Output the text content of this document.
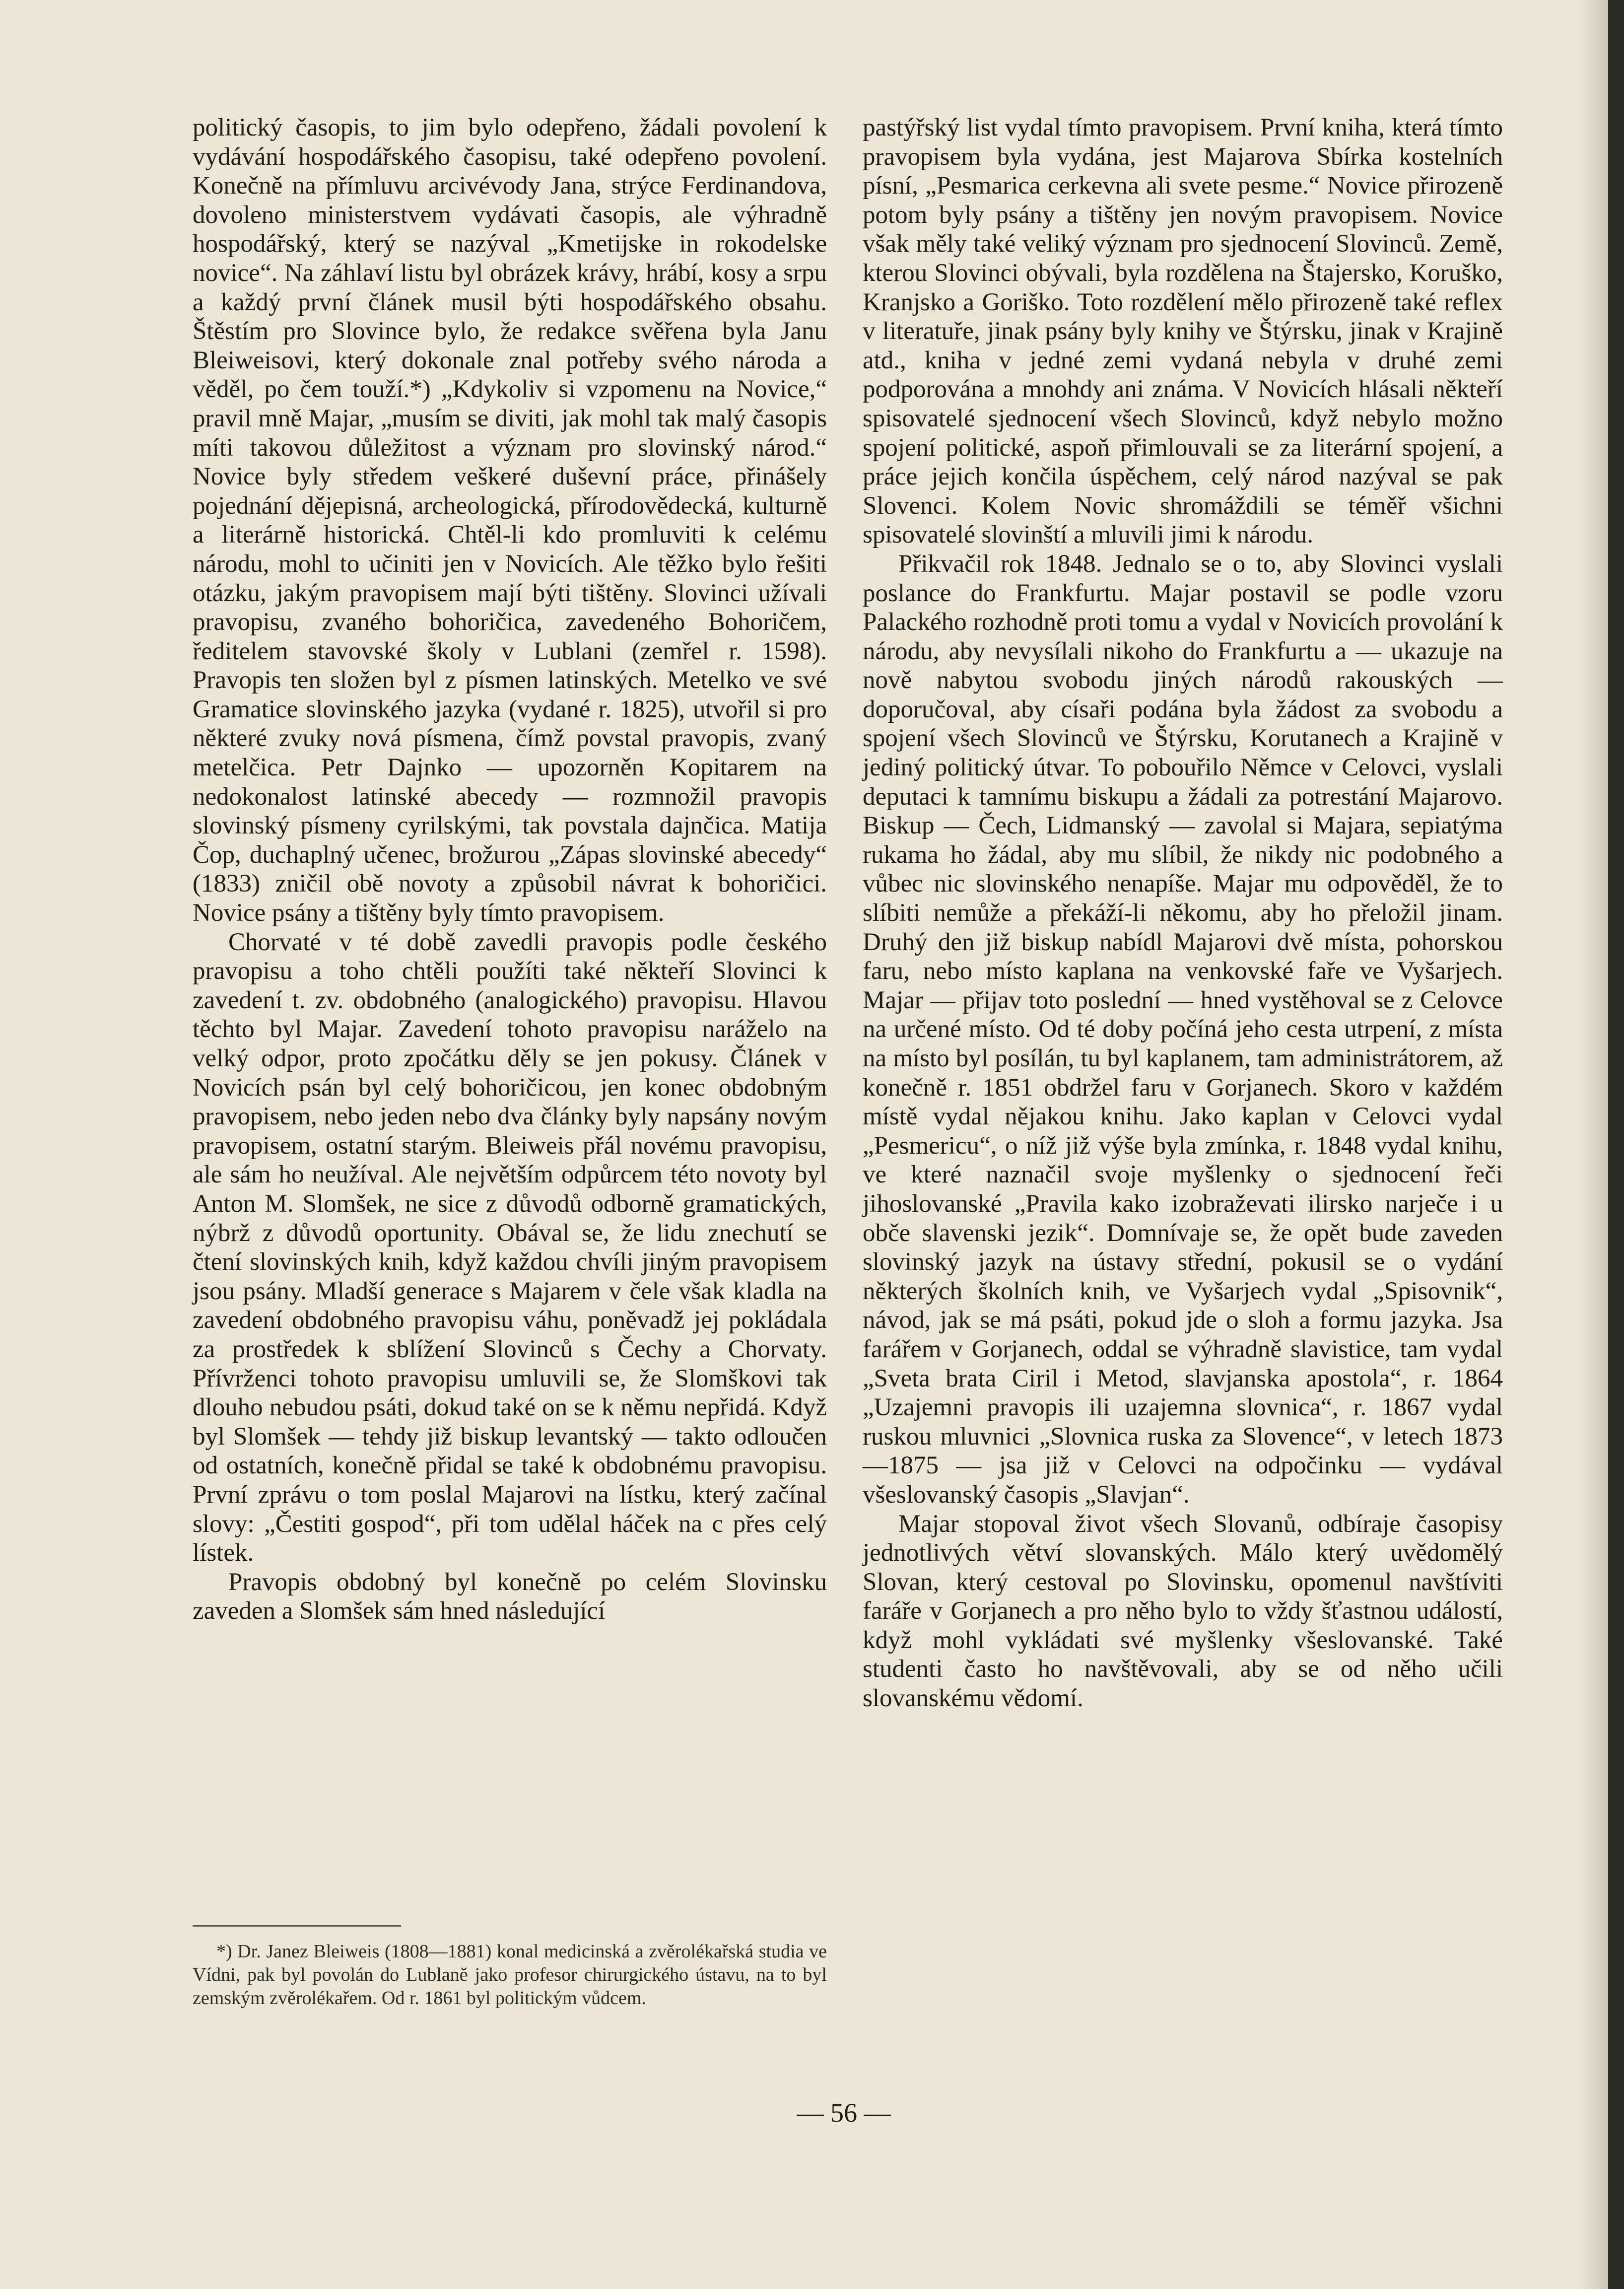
politický časopis, to jim bylo odepřeno, žádali povolení k vydávání hospodářského časopisu, také odepřeno povolení. Konečně na přímluvu arcivévody Jana, strýce Ferdinandova, dovoleno ministerstvem vydávati časopis, ale výhradně hospodářský, který se nazýval „Kmetijske in rokodelske novice“. Na záhlaví listu byl obrázek krávy, hrábí, kosy a srpu a každý první článek musil býti hospodářského obsahu. Štěstím pro Slovince bylo, že redakce svěřena byla Janu Bleiweisovi, který dokonale znal potřeby svého národa a věděl, po čem touží.*) „Kdykoliv si vzpomenu na Novice,“ pravil mně Majar, „musím se diviti, jak mohl tak malý časopis míti takovou důležitost a význam pro slovinský národ.“ Novice byly středem veškeré duševní práce, přinášely pojednání dějepisná, archeologická, přírodovědecká, kulturně a literárně historická. Chtěl-li kdo promluviti k celému národu, mohl to učiniti jen v Novicích. Ale těžko bylo řešiti otázku, jakým pravopisem mají býti tištěny. Slovinci užívali pravopisu, zvaného bohoričica, zavedeného Bohoričem, ředitelem stavovské školy v Lublani (zemřel r. 1598). Pravopis ten složen byl z písmen latinských. Metelko ve své Gramatice slovinského jazyka (vydané r. 1825), utvořil si pro některé zvuky nová písmena, čímž povstal pravopis, zvaný metelčica. Petr Dajnko — upozorněn Kopitarem na nedokonalost latinské abecedy — rozmnožil pravopis slovinský písmeny cyrilskými, tak povstala dajnčica. Matija Čop, duchaplný učenec, brožurou „Zápas slovinské abecedy“ (1833) zničil obě novoty a způsobil návrat k bohoričici. Novice psány a tištěny byly tímto pravopisem.

Chorvaté v té době zavedli pravopis podle českého pravopisu a toho chtěli použíti také někteří Slovinci k zavedení t. zv. obdobného (analogického) pravopisu. Hlavou těchto byl Majar. Zavedení tohoto pravopisu naráželo na velký odpor, proto zpočátku děly se jen pokusy. Článek v Novicích psán byl celý bohoričicou, jen konec obdobným pravopisem, nebo jeden nebo dva články byly napsány novým pravopisem, ostatní starým. Bleiweis přál novému pravopisu, ale sám ho neužíval. Ale největším odpůrcem této novoty byl Anton M. Slomšek, ne sice z důvodů odborně gramatických, nýbrž z důvodů oportunity. Obával se, že lidu znechutí se čtení slovinských knih, když každou chvíli jiným pravopisem jsou psány. Mladší generace s Majarem v čele však kladla na zavedení obdobného pravopisu váhu, poněvadž jej pokládala za prostředek k sblížení Slovinců s Čechy a Chorvaty. Přívrženci tohoto pravopisu umluvili se, že Slomškovi tak dlouho nebudou psáti, dokud také on se k němu nepřidá. Když byl Slomšek — tehdy již biskup levantský — takto odloučen od ostatních, konečně přidal se také k obdobnému pravopisu. První zprávu o tom poslal Majarovi na lístku, který začínal slovy: „Čestiti gospod“, při tom udělal háček na c přes celý lístek.

Pravopis obdobný byl konečně po celém Slovinsku zaveden a Slomšek sám hned následující

*) Dr. Janez Bleiweis (1808—1881) konal medicinská a zvěrolékařská studia ve Vídni, pak byl povolán do Lublaně jako profesor chirurgického ústavu, na to byl zemským zvěrolékařem. Od r. 1861 byl politickým vůdcem.

pastýřský list vydal tímto pravopisem. První kniha, která tímto pravopisem byla vydána, jest Majarova Sbírka kostelních písní, „Pesmarica cerkevna ali svete pesme.“ Novice přirozeně potom byly psány a tištěny jen novým pravopisem. Novice však měly také veliký význam pro sjednocení Slovinců. Země, kterou Slovinci obývali, byla rozdělena na Štajersko, Koruško, Kranjsko a Goriško. Toto rozdělení mělo přirozeně také reflex v literatuře, jinak psány byly knihy ve Štýrsku, jinak v Krajině atd., kniha v jedné zemi vydaná nebyla v druhé zemi podporována a mnohdy ani známa. V Novicích hlásali někteří spisovatelé sjednocení všech Slovinců, když nebylo možno spojení politické, aspoň přimlouvali se za literární spojení, a práce jejich končila úspěchem, celý národ nazýval se pak Slovenci. Kolem Novic shromáždili se téměř všichni spisovatelé slovinští a mluvili jimi k národu.

Přikvačil rok 1848. Jednalo se o to, aby Slovinci vyslali poslance do Frankfurtu. Majar postavil se podle vzoru Palackého rozhodně proti tomu a vydal v Novicích provolání k národu, aby nevysílali nikoho do Frankfurtu a — ukazuje na nově nabytou svobodu jiných národů rakouských — doporučoval, aby císaři podána byla žádost za svobodu a spojení všech Slovinců ve Štýrsku, Korutanech a Krajině v jediný politický útvar. To pobouřilo Němce v Celovci, vyslali deputaci k tamnímu biskupu a žádali za potrestání Majarovo. Biskup — Čech, Lidmanský — zavolal si Majara, sepiatýma rukama ho žádal, aby mu slíbil, že nikdy nic podobného a vůbec nic slovinského nenapíše. Majar mu odpověděl, že to slíbiti nemůže a překáží-li někomu, aby ho přeložil jinam. Druhý den již biskup nabídl Majarovi dvě místa, pohorskou faru, nebo místo kaplana na venkovské faře ve Vyšarjech. Majar — přijav toto poslední — hned vystěhoval se z Celovce na určené místo. Od té doby počíná jeho cesta utrpení, z místa na místo byl posílán, tu byl kaplanem, tam administrátorem, až konečně r. 1851 obdržel faru v Gorjanech. Skoro v každém místě vydal nějakou knihu. Jako kaplan v Celovci vydal „Pesmericu“, o níž již výše byla zmínka, r. 1848 vydal knihu, ve které naznačil svoje myšlenky o sjednocení řeči jihoslovanské „Pravila kako izobraževati ilirsko narječe i u obče slavenski jezik“. Domnívaje se, že opět bude zaveden slovinský jazyk na ústavy střední, pokusil se o vydání některých školních knih, ve Vyšarjech vydal „Spisovnik“, návod, jak se má psáti, pokud jde o sloh a formu jazyka. Jsa farářem v Gorjanech, oddal se výhradně slavistice, tam vydal „Sveta brata Ciril i Metod, slavjanska apostola“, r. 1864 „Uzajemni pravopis ili uzajemna slovnica“, r. 1867 vydal ruskou mluvnici „Slovnica ruska za Slovence“, v letech 1873—1875 — jsa již v Celovci na odpočinku — vydával všeslovanský časopis „Slavjan“.

Majar stopoval život všech Slovanů, odbíraje časopisy jednotlivých větví slovanských. Málo který uvědomělý Slovan, který cestoval po Slovinsku, opomenul navštíviti faráře v Gorjanech a pro něho bylo to vždy šťastnou událostí, když mohl vykládati své myšlenky všeslovanské. Také studenti často ho navštěvovali, aby se od něho učili slovanskému vědomí.

— 56 —
